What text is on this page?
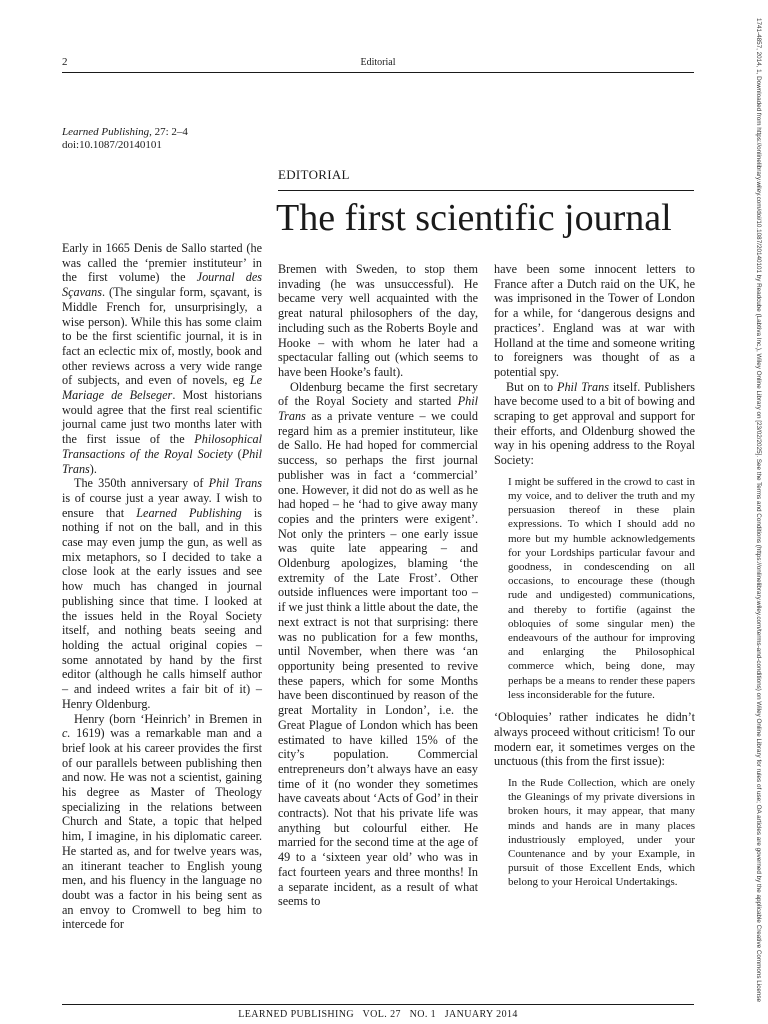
2	Editorial
Learned Publishing, 27: 2–4
doi:10.1087/20140101
EDITORIAL
The first scientific journal

Early in 1665 Denis de Sallo started (he was called the ‘premier instituteur’ in the first volume) the Journal des Sçavans. (The singular form, sçavant, is Middle French for, unsurprisingly, a wise person). While this has some claim to be the first scientific journal, it is in fact an eclectic mix of, mostly, book and other reviews across a very wide range of subjects, and even of novels, eg Le Mariage de Belseger. Most historians would agree that the first real scientific journal came just two months later with the first issue of the Philosophical Transactions of the Royal Society (Phil Trans).

The 350th anniversary of Phil Trans is of course just a year away. I wish to ensure that Learned Publishing is nothing if not on the ball, and in this case may even jump the gun, as well as mix metaphors, so I decided to take a close look at the early issues and see how much has changed in journal publishing since that time. I looked at the issues held in the Royal Society itself, and nothing beats seeing and holding the actual original copies – some annotated by hand by the first editor (although he calls himself author – and indeed writes a fair bit of it) – Henry Oldenburg.

Henry (born ‘Heinrich’ in Bremen in c. 1619) was a remarkable man and a brief look at his career provides the first of our parallels between publishing then and now. He was not a scientist, gaining his degree as Master of Theology specializing in the relations between Church and State, a topic that helped him, I imagine, in his diplomatic career. He started as, and for twelve years was, an itinerant teacher to English young men, and his fluency in the language no doubt was a factor in his being sent as an envoy to Cromwell to beg him to intercede for

Bremen with Sweden, to stop them invading (he was unsuccessful). He became very well acquainted with the great natural philosophers of the day, including such as the Roberts Boyle and Hooke – with whom he later had a spectacular falling out (which seems to have been Hooke’s fault).

Oldenburg became the first secretary of the Royal Society and started Phil Trans as a private venture – we could regard him as a premier instituteur, like de Sallo. He had hoped for commercial success, so perhaps the first journal publisher was in fact a ‘commercial’ one. However, it did not do as well as he had hoped – he ‘had to give away many copies and the printers were exigent’. Not only the printers – one early issue was quite late appearing – and Oldenburg apologizes, blaming ‘the extremity of the Late Frost’. Other outside influences were important too – if we just think a little about the date, the next extract is not that surprising: there was no publication for a few months, until November, when there was ‘an opportunity being presented to revive these papers, which for some Months have been discontinued by reason of the great Mortality in London’, i.e. the Great Plague of London which has been estimated to have killed 15% of the city’s population. Commercial entrepreneurs don’t always have an easy time of it (no wonder they sometimes have caveats about ‘Acts of God’ in their contracts). Not that his private life was anything but colourful either. He married for the second time at the age of 49 to a ‘sixteen year old’ who was in fact fourteen years and three months! In a separate incident, as a result of what seems to

have been some innocent letters to France after a Dutch raid on the UK, he was imprisoned in the Tower of London for a while, for ‘dangerous designs and practices’. England was at war with Holland at the time and someone writing to foreigners was thought of as a potential spy.

But on to Phil Trans itself. Publishers have become used to a bit of bowing and scraping to get approval and support for their efforts, and Oldenburg showed the way in his opening address to the Royal Society:

I might be suffered in the crowd to cast in my voice, and to deliver the truth and my persuasion thereof in these plain expressions. To which I should add no more but my humble acknowledgements for your Lordships particular favour and goodness, in condescending on all occasions, to encourage these (though rude and undigested) communications, and thereby to fortifie (against the obloquies of some singular men) the endeavours of the authour for improving and enlarging the Philosophical commerce which, being done, may perhaps be a means to render these papers less inconsiderable for the future.

‘Obloquies’ rather indicates he didn’t always proceed without criticism! To our modern ear, it sometimes verges on the unctuous (this from the first issue):

In the Rude Collection, which are onely the Gleanings of my private diversions in broken hours, it may appear, that many minds and hands are in many places industriously employed, under your Countenance and by your Example, in pursuit of those Excellent Ends, which belong to your Heroical Undertakings.
LEARNED PUBLISHING   VOL. 27   NO. 1   JANUARY 2014
1741-4857, 2014, 1, Downloaded from https://onlinelibrary.wiley.com/doi/10.1087/20140101 by Readcube (Labtiva Inc.), Wiley Online Library on [23/02/2025]. See the Terms and Conditions (https://onlinelibrary.wiley.com/terms-and-conditions) on Wiley Online Library for rules of use; OA articles are governed by the applicable Creative Commons License
